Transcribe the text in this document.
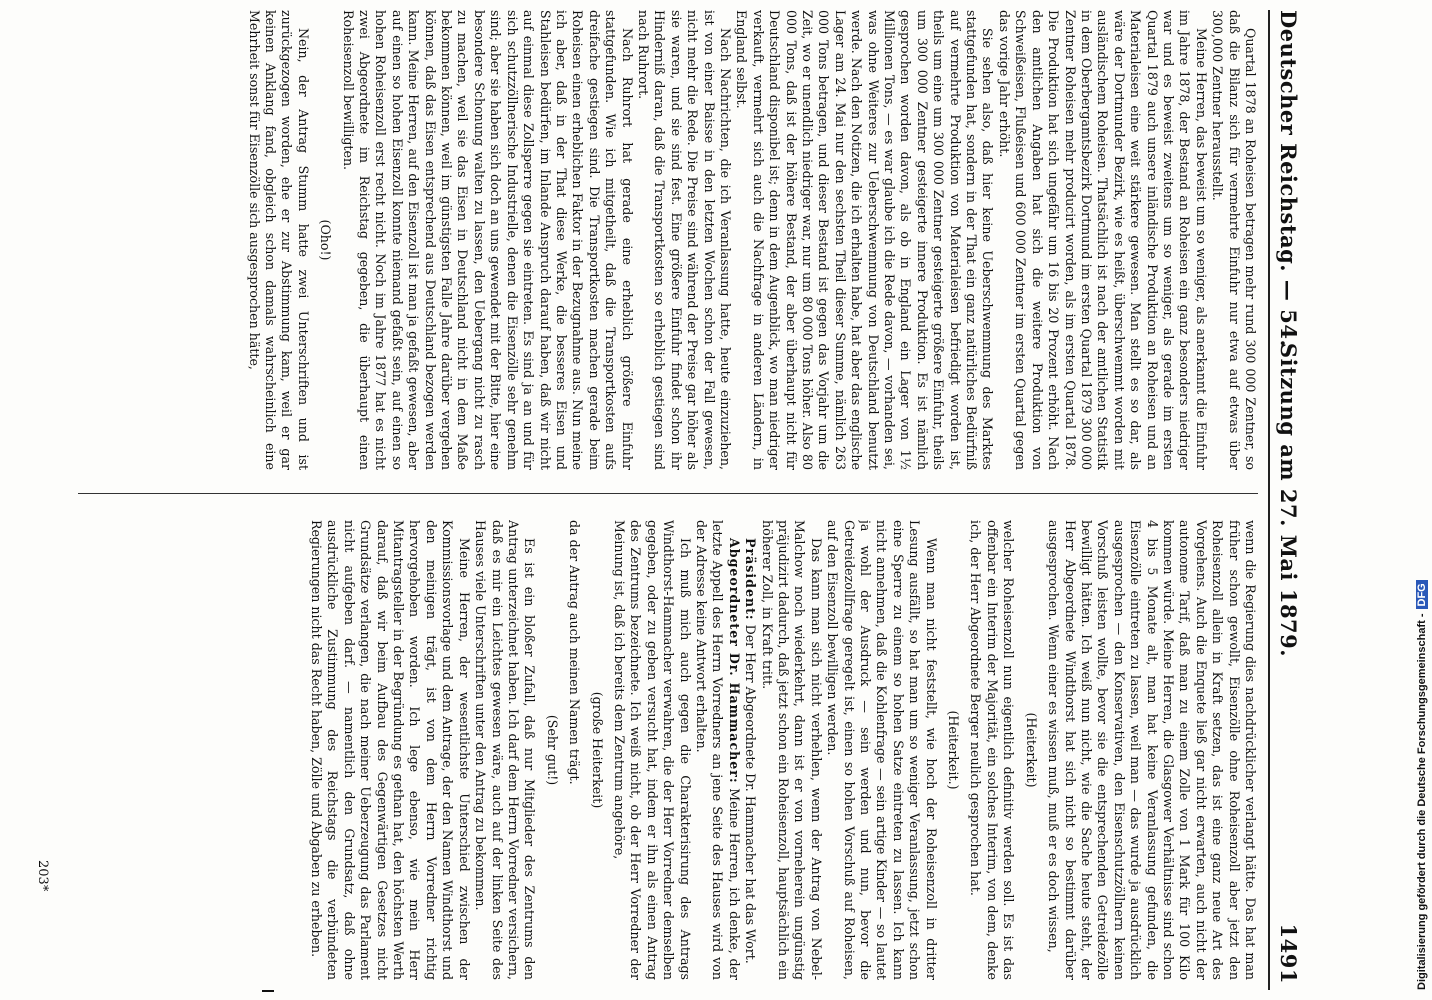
Deutscher Reichstag. — 54.
Sitzung am 27. Mai 1879.
1491

Quartal 1878 an Roheisen betragen mehr rund 300 000 Zentner, so daß die Bilanz sich für vermehrte Einfuhr nur etwa auf etwas über 300,000 Zentner herausstellt.

Meine Herren, das beweist um so weniger, als anerkannt die Einfuhr im Jahre 1878, der Bestand an Roheisen ein ganz besonders niedriger war und es beweist zweitens um so weniger, als gerade im ersten Quartal 1879 auch unsere inländische Produktion an Roheisen und an Materialeisen eine weit stärkere gewesen. Man stellt es so dar, als wäre der Dortmunder Bezirk, wie es heißt, überschwemmt worden mit ausländischem Roheisen. Thatsächlich ist nach der amtlichen Statistik in dem Oberbergamtsbezirk Dortmund im ersten Quartal 1879 300 000 Zentner Roheisen mehr producirt worden, als im ersten Quartal 1878. Die Produktion hat sich ungefähr um 16 bis 20 Prozent erhöht. Nach den amtlichen Angaben hat sich die weitere Produktion von Schweißeisen, Flußeisen und 600 000 Zentner im ersten Quartal gegen das vorige Jahr erhöht.

Sie sehen also, daß hier keine Ueberschwemmung des Marktes stattgefunden hat, sondern in der That ein ganz natürliches Bedürfniß auf vermehrte Produktion von Materialeisen befriedigt worden ist, theils um eine um 300 000 Zentner gesteigerte größere Einfuhr, theils um 300 000 Zentner gesteigerte innere Produktion. Es ist nämlich gesprochen worden davon, als ob in England ein Lager von 1½ Millionen Tons, — es war glaube ich die Rede davon, — vorhanden sei, was ohne Weiteres zur Ueberschwemmung von Deutschland benutzt werde. Nach den Notizen, die ich erhalten habe, hat aber das englische Lager am 24. Mai nur den sechsten Theil dieser Summe, nämlich 263 000 Tons betragen, und dieser Bestand ist gegen das Vorjahr um die Zeit, wo er unendlich niedriger war, nur um 80 000 Tons höher. Also 80 000 Tons, daß ist der höhere Bestand, der aber überhaupt nicht für Deutschland disponibel ist; denn in dem Augenblick, wo man niedriger verkauft, vermehrt sich auch die Nachfrage in anderen Ländern, in England selbst.

Nach Nachrichten, die ich Veranlassung hatte, heute einzuziehen, ist von einer Baisse in den letzten Wochen schon der Fall gewesen, nicht mehr die Rede. Die Preise sind während der Preise gar höher als sie waren, und sie sind fest. Eine größere Einfuhr findet schon ihr Hinderniß daran, daß die Transportkosten so erheblich gestiegen sind nach Ruhrort.

Nach Ruhrort hat gerade eine erheblich größere Einfuhr stattgefunden. Wie ich mitgetheilt, daß die Transportkosten aufs dreifache gestiegen sind. Die Transportkosten machen gerade beim Roheisen einen erheblichen Faktor in der Bezugnahme aus. Nun meine ich aber, daß in der That diese Werke, die besseres Eisen und Stahleisen bedürfen, im Inlande Anspruch darauf haben, daß wir nicht auf einmal diese Zollsperre gegen sie eintreten. Es sind ja an und für sich schutzzöllnerische Industrielle, denen die Eisenzölle sehr genehm sind; aber sie haben sich doch an uns gewendet mit der Bitte, hier eine besondere Schonung walten zu lassen, den Uebergang nicht zu rasch zu machen, weil sie das Eisen in Deutschland nicht in dem Maße bekommen können, weil im günstigsten Falle Jahre darüber vergehen können, daß das Eisen entsprechend aus Deutschland bezogen werden kann. Meine Herren, auf den Eisenzoll ist man ja gefaßt gewesen, aber auf einen so hohen Eisenzoll konnte niemand gefaßt sein, auf einen so hohen Roheisenzoll erst recht nicht. Noch im Jahre 1877 hat es nicht zwei Abgeordnete im Reichstag gegeben, die überhaupt einen Roheisenzoll bewilligten.

(Oho!)

Nein, der Antrag Stumm hatte zwei Unterschriften und ist zurückgezogen worden, ehe er zur Abstimmung kam, weil er gar keinen Anklang fand, obgleich schon damals wahrscheinlich eine Mehrheit sonst für Eisenzölle sich ausgesprochen hätte,

wenn die Regierung dies nachdrücklicher verlangt hätte. Das hat man früher schon gewollt, Eisenzölle ohne Roheisenzoll aber jetzt den Roheisenzoll allein in Kraft setzen, das ist eine ganz neue Art des Vorgehens. Auch die Enquete ließ gar nicht erwarten, auch nicht der autonome Tarif, daß man zu einem Zolle von 1 Mark für 100 Kilo kommen würde. Meine Herren, die Glasgower Verhältnisse sind schon 4 bis 5 Monate alt, man hat keine Veranlassung gefunden, die Eisenzölle eintreten zu lassen, weil man — das wurde ja ausdrücklich ausgesprochen — den Konservativen, den Eisenschutzzöllnern keinen Vorschuß leisten wollte, bevor sie die entsprechenden Getreidezölle bewilligt hätten. Ich weiß nun nicht, wie die Sache heute steht, der Herr Abgeordnete Windthorst hat sich nicht so bestimmt darüber ausgesprochen. Wenn einer es wissen muß, muß er es doch wissen,

(Heiterkeit)

welcher Roheisenzoll nun eigentlich definitiv werden soll. Es ist das offenbar ein Interim der Majorität, ein solches Interim, von dem, denke ich, der Herr Abgeordnete Berger neulich gesprochen hat.

(Heiterkeit.)

Wenn man nicht feststellt, wie hoch der Roheisenzoll in dritter Lesung ausfällt, so hat man um so weniger Veranlassung, jetzt schon eine Sperre zu einem so hohen Satze eintreten zu lassen. Ich kann nicht annehmen, daß die Kohlenfrage — sein artige Kinder — so lautet ja wohl der Ausdruck — sein werden und nun, bevor die Getreidezollfrage geregelt ist, einen so hohen Vorschuß auf Roheisen, auf den Eisenzoll bewilligen werden.

Das kann man sich nicht verhehlen, wenn der Antrag von Nebel-Malchow noch wiederkehrt, dann ist er von vorneherein ungünstig präjudizirt dadurch, daß jetzt schon ein Roheisenzoll, hauptsächlich ein höherer Zoll, in Kraft tritt.

Präsident: Der Herr Abgeordnete Dr. Hammacher hat das Wort.

Abgeordneter Dr. Hammacher: Meine Herren, ich denke, der letzte Appell des Herrn Vorredners an jene Seite des Hauses wird von der Adresse keine Antwort erhalten.

Ich muß mich auch gegen die Charakterisirung des Antrags Windthorst-Hammacher verwahren, die der Herr Vorredner demselben gegeben, oder zu geben versucht hat, indem er ihn als einen Antrag des Zentrums bezeichnete. Ich weiß nicht, ob der Herr Vorredner der Meinung ist, daß ich bereits dem Zentrum angehöre,

(große Heiterkeit)

da der Antrag auch meinen Namen trägt.

(Sehr gut!)

Es ist ein bloßer Zufall, daß nur Mitglieder des Zentrums den Antrag unterzeichnet haben. Ich darf dem Herrn Vorredner versichern, daß es mir ein Leichtes gewesen wäre, auch auf der linken Seite des Hauses viele Unterschriften unter den Antrag zu bekommen.

Meine Herren, der wesentlichste Unterschied zwischen der Kommissionsvorlage und dem Antrage, der den Namen Windthorst und den meinigen trägt, ist von dem Herrn Vorredner richtig hervorgehoben worden. Ich lege ebenso, wie mein Herr Mitantragsteller in der Begründung es gethan hat, den höchsten Werth darauf, daß wir beim Aufbau des Gegenwärtigen Gesetzes nicht Grundsätze verlangen, die nach meiner Ueberzeugung das Parlament nicht aufgeben darf. — namentlich den Grundsatz, daß ohne ausdrückliche Zustimmung des Reichstags die verbündeten Regierungen nicht das Recht haben, Zölle und Abgaben zu erheben.

203*	Digitalisierung gefördert durch die Deutsche Forschungsgemeinschaft -DFG
